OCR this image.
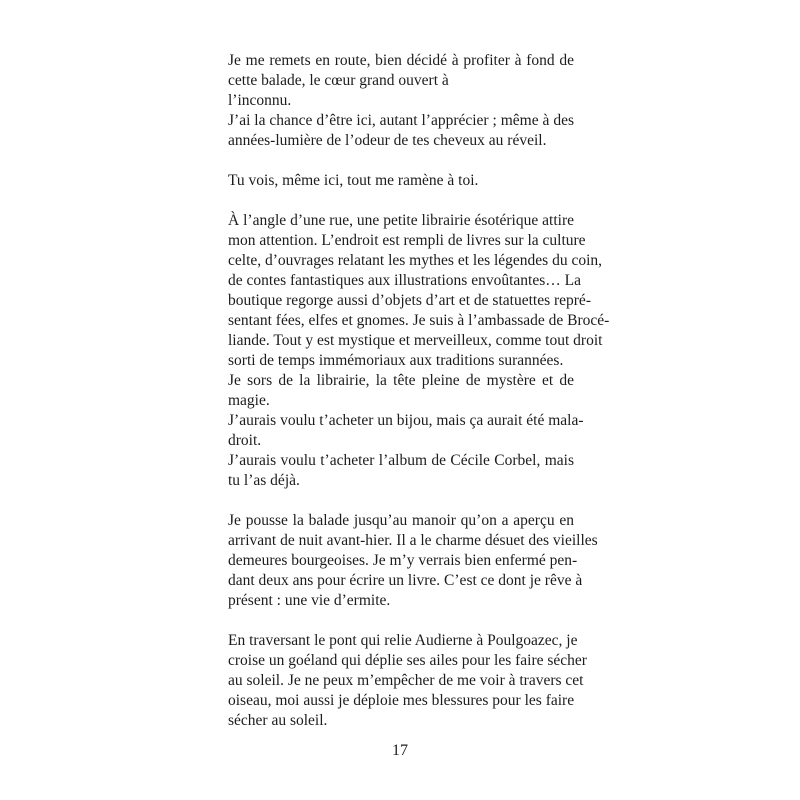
Je me remets en route, bien décidé à profiter à fond de
cette balade, le cœur grand ouvert à
l’inconnu.
J’ai la chance d’être ici, autant l’apprécier ; même à des
années-lumière de l’odeur de tes cheveux au réveil.
Tu vois, même ici, tout me ramène à toi.
À l’angle d’une rue, une petite librairie ésotérique attire
mon attention. L’endroit est rempli de livres sur la culture
celte, d’ouvrages relatant les mythes et les légendes du coin,
de contes fantastiques aux illustrations envoûtantes… La
boutique regorge aussi d’objets d’art et de statuettes repré-
sentant fées, elfes et gnomes. Je suis à l’ambassade de Brocé-
liande. Tout y est mystique et merveilleux, comme tout droit
sorti de temps immémoriaux aux traditions surannées.
Je sors de la librairie, la tête pleine de mystère et de
magie.
J’aurais voulu t’acheter un bijou, mais ça aurait été mala-
droit.
J’aurais voulu t’acheter l’album de Cécile Corbel, mais
tu l’as déjà.
Je pousse la balade jusqu’au manoir qu’on a aperçu en
arrivant de nuit avant-hier. Il a le charme désuet des vieilles
demeures bourgeoises. Je m’y verrais bien enfermé pen-
dant deux ans pour écrire un livre. C’est ce dont je rêve à
présent : une vie d’ermite.
En traversant le pont qui relie Audierne à Poulgoazec, je
croise un goéland qui déplie ses ailes pour les faire sécher
au soleil. Je ne peux m’empêcher de me voir à travers cet
oiseau, moi aussi je déploie mes blessures pour les faire
sécher au soleil.
17
